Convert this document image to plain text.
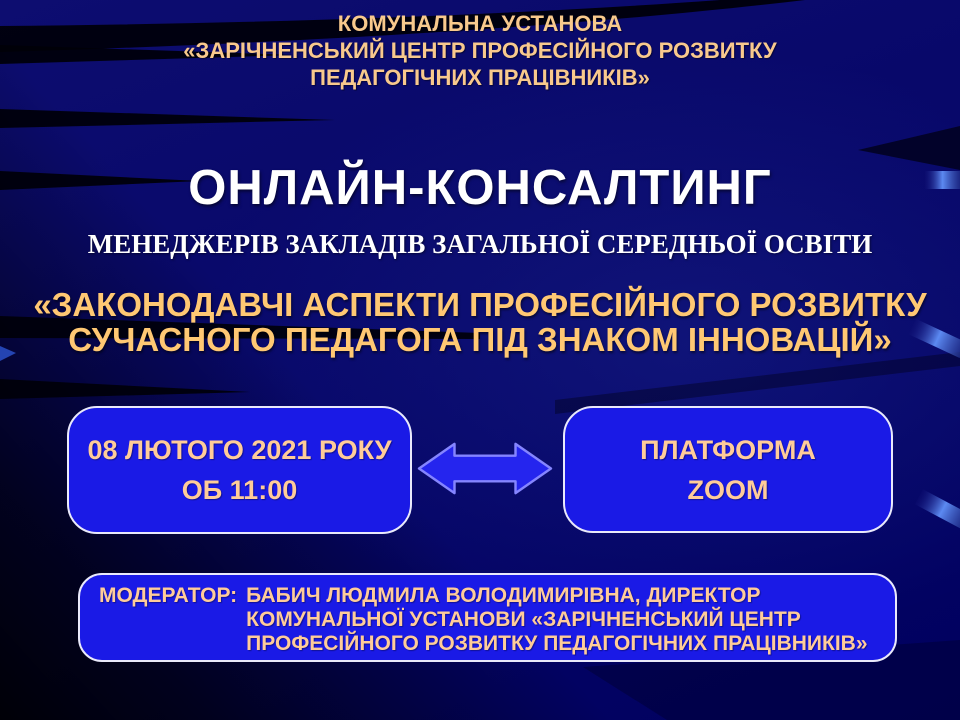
КОМУНАЛЬНА УСТАНОВА
«ЗАРІЧНЕНСЬКИЙ ЦЕНТР ПРОФЕСІЙНОГО РОЗВИТКУ
ПЕДАГОГІЧНИХ ПРАЦІВНИКІВ»
ОНЛАЙН-КОНСАЛТИНГ
МЕНЕДЖЕРІВ ЗАКЛАДІВ ЗАГАЛЬНОЇ СЕРЕДНЬОЇ ОСВІТИ
«ЗАКОНОДАВЧІ АСПЕКТИ ПРОФЕСІЙНОГО РОЗВИТКУ
СУЧАСНОГО ПЕДАГОГА ПІД ЗНАКОМ ІННОВАЦІЙ»
08 ЛЮТОГО 2021 РОКУ
ОБ 11:00
ПЛАТФОРМА
ZOOM
МОДЕРАТОР: БАБИЧ ЛЮДМИЛА ВОЛОДИМИРІВНА, ДИРЕКТОР
КОМУНАЛЬНОЇ УСТАНОВИ «ЗАРІЧНЕНСЬКИЙ ЦЕНТР
ПРОФЕСІЙНОГО РОЗВИТКУ ПЕДАГОГІЧНИХ ПРАЦІВНИКІВ»
